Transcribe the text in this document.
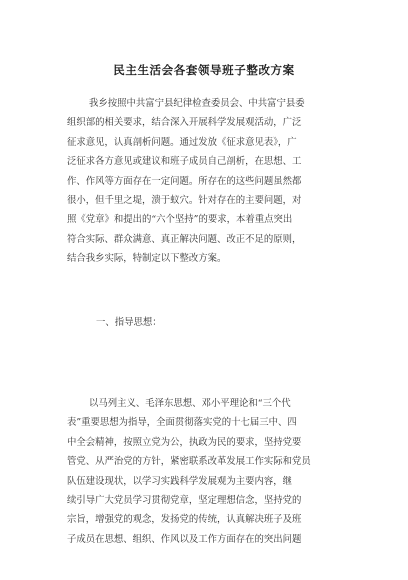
民主生活会各套领导班子整改方案
我乡按照中共富宁县纪律检查委员会、中共富宁县委
组织部的相关要求，结合深入开展科学发展观活动，广泛
征求意见，认真剖析问题。通过发放《征求意见表》，广
泛征求各方意见或建议和班子成员自己剖析，在思想、工
作、作风等方面存在一定问题。所存在的这些问题虽然都
很小，但千里之堤，溃于蚁穴。针对存在的主要问题，对
照《党章》和提出的“六个坚持”的要求，本着重点突出
符合实际、群众满意、真正解决问题、改正不足的原则，
结合我乡实际，特制定以下整改方案。
一、指导思想：
以马列主义、毛泽东思想、邓小平理论和“三个代
表”重要思想为指导，全面贯彻落实党的十七届三中、四
中全会精神，按照立党为公，执政为民的要求，坚持党要
管党、从严治党的方针，紧密联系改革发展工作实际和党员
队伍建设现状，以学习实践科学发展观为主要内容，继
续引导广大党员学习贯彻党章，坚定理想信念，坚持党的
宗旨，增强党的观念，发扬党的传统，认真解决班子及班
子成员在思想、组织、作风以及工作方面存在的突出问题
